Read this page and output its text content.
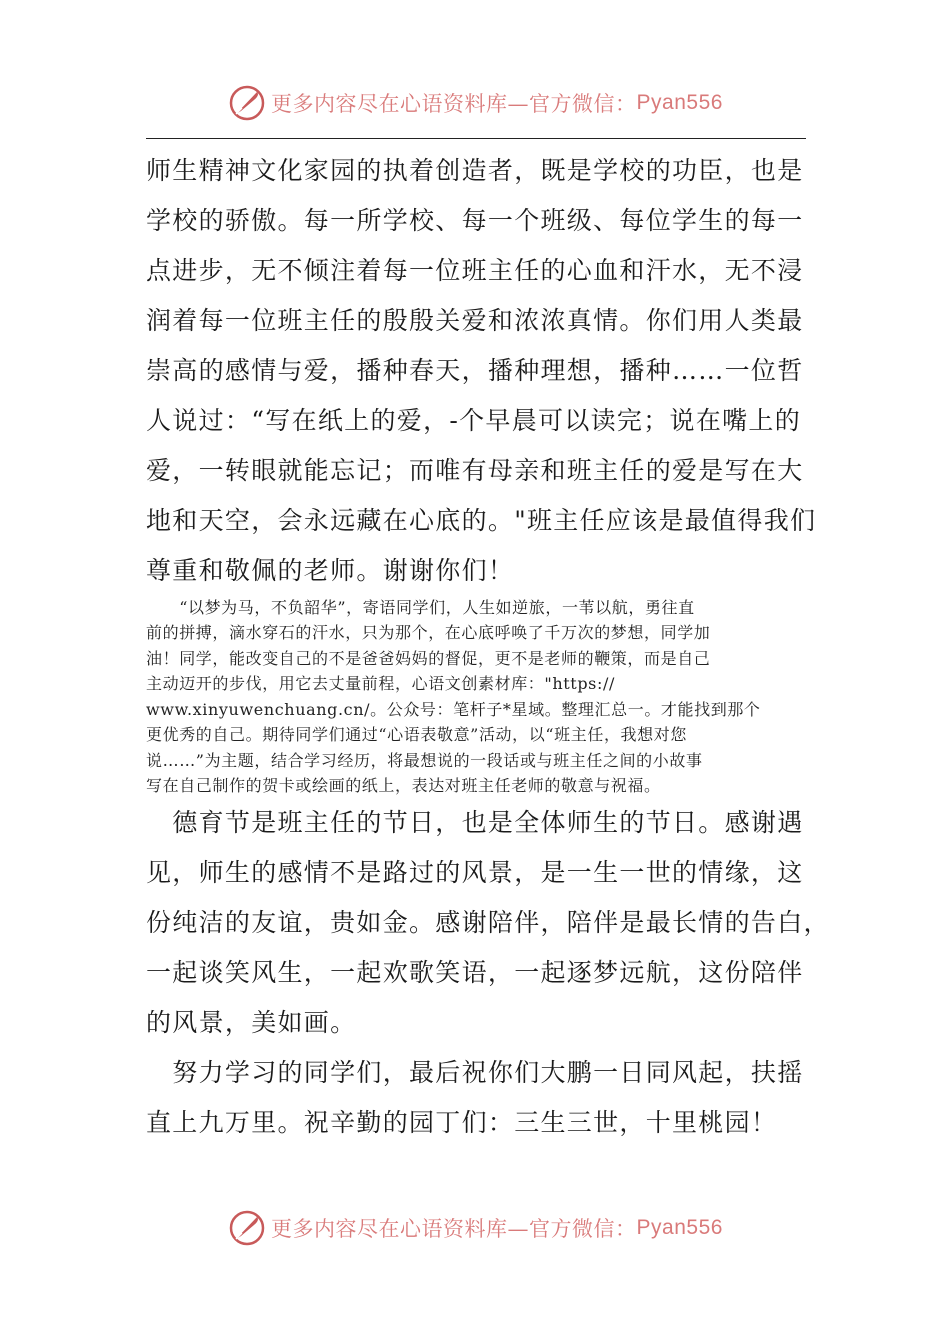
更多内容尽在心语资料库—官方微信： Pyan556

师生精神文化家园的执着创造者，既是学校的功臣，也是

学校的骄傲。每一所学校、每一个班级、每位学生的每一

点进步，无不倾注着每一位班主任的心血和汗水，无不浸

润着每一位班主任的殷殷关爱和浓浓真情。你们用人类最

崇高的感情与爱，播种春天，播种理想，播种……一位哲

人说过：“写在纸上的爱，-个早晨可以读完；说在嘴上的

爱，一转眼就能忘记；而唯有母亲和班主任的爱是写在大

地和天空，会永远藏在心底的。"班主任应该是最值得我们

尊重和敬佩的老师。谢谢你们！

　　“以梦为马，不负韶华”，寄语同学们，人生如逆旅，一苇以航，勇往直

前的拼搏，滴水穿石的汗水，只为那个，在心底呼唤了千万次的梦想，同学加

油！同学，能改变自己的不是爸爸妈妈的督促，更不是老师的鞭策，而是自己

主动迈开的步伐，用它去丈量前程，心语文创素材库："https://

www.xinyuwenchuang.cn/。公众号：笔杆子*星域。整理汇总一。才能找到那个

更优秀的自己。期待同学们通过“心语表敬意”活动，以“班主任，我想对您

说……”为主题，结合学习经历，将最想说的一段话或与班主任之间的小故事

写在自己制作的贺卡或绘画的纸上，表达对班主任老师的敬意与祝福。

　德育节是班主任的节日，也是全体师生的节日。感谢遇

见，师生的感情不是路过的风景，是一生一世的情缘，这

份纯洁的友谊，贵如金。感谢陪伴，陪伴是最长情的告白，

一起谈笑风生，一起欢歌笑语，一起逐梦远航，这份陪伴

的风景，美如画。

　努力学习的同学们，最后祝你们大鹏一日同风起，扶摇

直上九万里。祝辛勤的园丁们：三生三世，十里桃园！

更多内容尽在心语资料库—官方微信： Pyan556
